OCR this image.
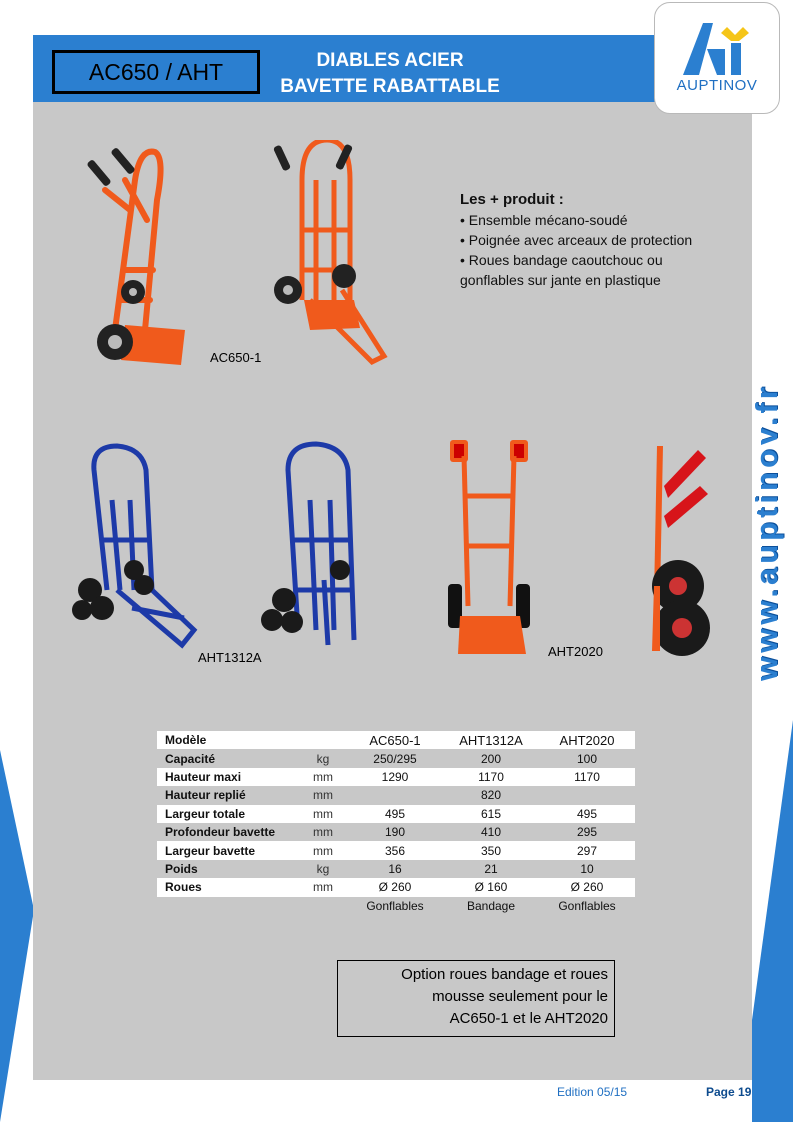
AC650 / AHT	DIABLES ACIER
BAVETTE RABATTABLE	AUPTINOV
www.auptinov.fr
AC650-1
Les + produit :
• Ensemble mécano-soudé
• Poignée avec arceaux de protection
• Roues bandage caoutchouc ou
gonflables sur jante en plastique
AHT1312A	AHT2020
Modèle		AC650-1	AHT1312A	AHT2020
Capacité	kg	250/295	200	100
Hauteur maxi	mm	1290	1170	1170
Hauteur replié	mm		820	
Largeur totale	mm	495	615	495
Profondeur bavette	mm	190	410	295
Largeur bavette	mm	356	350	297
Poids	kg	16	21	10
Roues	mm	Ø 260	Ø 160	Ø 260
		Gonflables	Bandage	Gonflables
Option roues bandage et roues
mousse seulement pour le
AC650-1 et le AHT2020
Edition 05/15	Page 19
